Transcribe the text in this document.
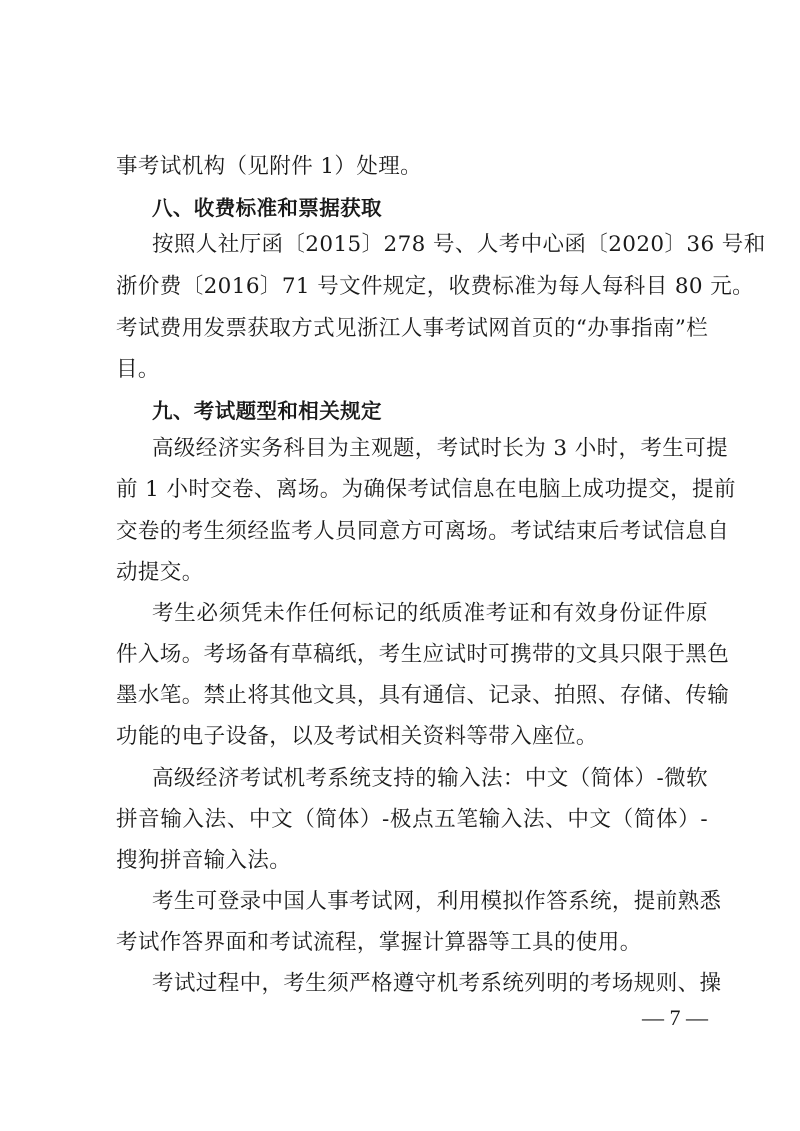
事考试机构（见附件 1）处理。
八、收费标准和票据获取
按照人社厅函〔2015〕278 号、人考中心函〔2020〕36 号和
浙价费〔2016〕71 号文件规定，收费标准为每人每科目 80 元。
考试费用发票获取方式见浙江人事考试网首页的“办事指南”栏
目。
九、考试题型和相关规定
高级经济实务科目为主观题，考试时长为 3 小时，考生可提
前 1 小时交卷、离场。为确保考试信息在电脑上成功提交，提前
交卷的考生须经监考人员同意方可离场。考试结束后考试信息自
动提交。
考生必须凭未作任何标记的纸质准考证和有效身份证件原
件入场。考场备有草稿纸，考生应试时可携带的文具只限于黑色
墨水笔。禁止将其他文具，具有通信、记录、拍照、存储、传输
功能的电子设备，以及考试相关资料等带入座位。
高级经济考试机考系统支持的输入法：中文（简体）-微软
拼音输入法、中文（简体）-极点五笔输入法、中文（简体）-
搜狗拼音输入法。
考生可登录中国人事考试网，利用模拟作答系统，提前熟悉
考试作答界面和考试流程，掌握计算器等工具的使用。
考试过程中，考生须严格遵守机考系统列明的考场规则、操
— 7 —
